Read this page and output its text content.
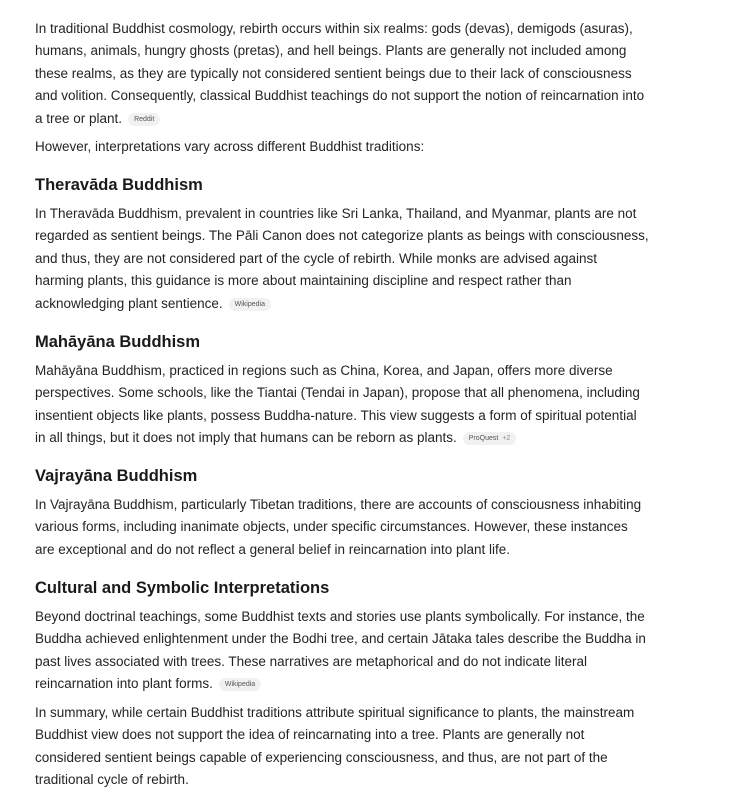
In traditional Buddhist cosmology, rebirth occurs within six realms: gods (devas), demigods (asuras), humans, animals, hungry ghosts (pretas), and hell beings. Plants are generally not included among these realms, as they are typically not considered sentient beings due to their lack of consciousness and volition. Consequently, classical Buddhist teachings do not support the notion of reincarnation into a tree or plant. Reddit

However, interpretations vary across different Buddhist traditions:

Theravāda Buddhism

In Theravāda Buddhism, prevalent in countries like Sri Lanka, Thailand, and Myanmar, plants are not regarded as sentient beings. The Pāli Canon does not categorize plants as beings with consciousness, and thus, they are not considered part of the cycle of rebirth. While monks are advised against harming plants, this guidance is more about maintaining discipline and respect rather than acknowledging plant sentience. Wikipedia

Mahāyāna Buddhism

Mahāyāna Buddhism, practiced in regions such as China, Korea, and Japan, offers more diverse perspectives. Some schools, like the Tiantai (Tendai in Japan), propose that all phenomena, including insentient objects like plants, possess Buddha-nature. This view suggests a form of spiritual potential in all things, but it does not imply that humans can be reborn as plants. ProQuest +2

Vajrayāna Buddhism

In Vajrayāna Buddhism, particularly Tibetan traditions, there are accounts of consciousness inhabiting various forms, including inanimate objects, under specific circumstances. However, these instances are exceptional and do not reflect a general belief in reincarnation into plant life.

Cultural and Symbolic Interpretations

Beyond doctrinal teachings, some Buddhist texts and stories use plants symbolically. For instance, the Buddha achieved enlightenment under the Bodhi tree, and certain Jātaka tales describe the Buddha in past lives associated with trees. These narratives are metaphorical and do not indicate literal reincarnation into plant forms. Wikipedia

In summary, while certain Buddhist traditions attribute spiritual significance to plants, the mainstream Buddhist view does not support the idea of reincarnating into a tree. Plants are generally not considered sentient beings capable of experiencing consciousness, and thus, are not part of the traditional cycle of rebirth.
